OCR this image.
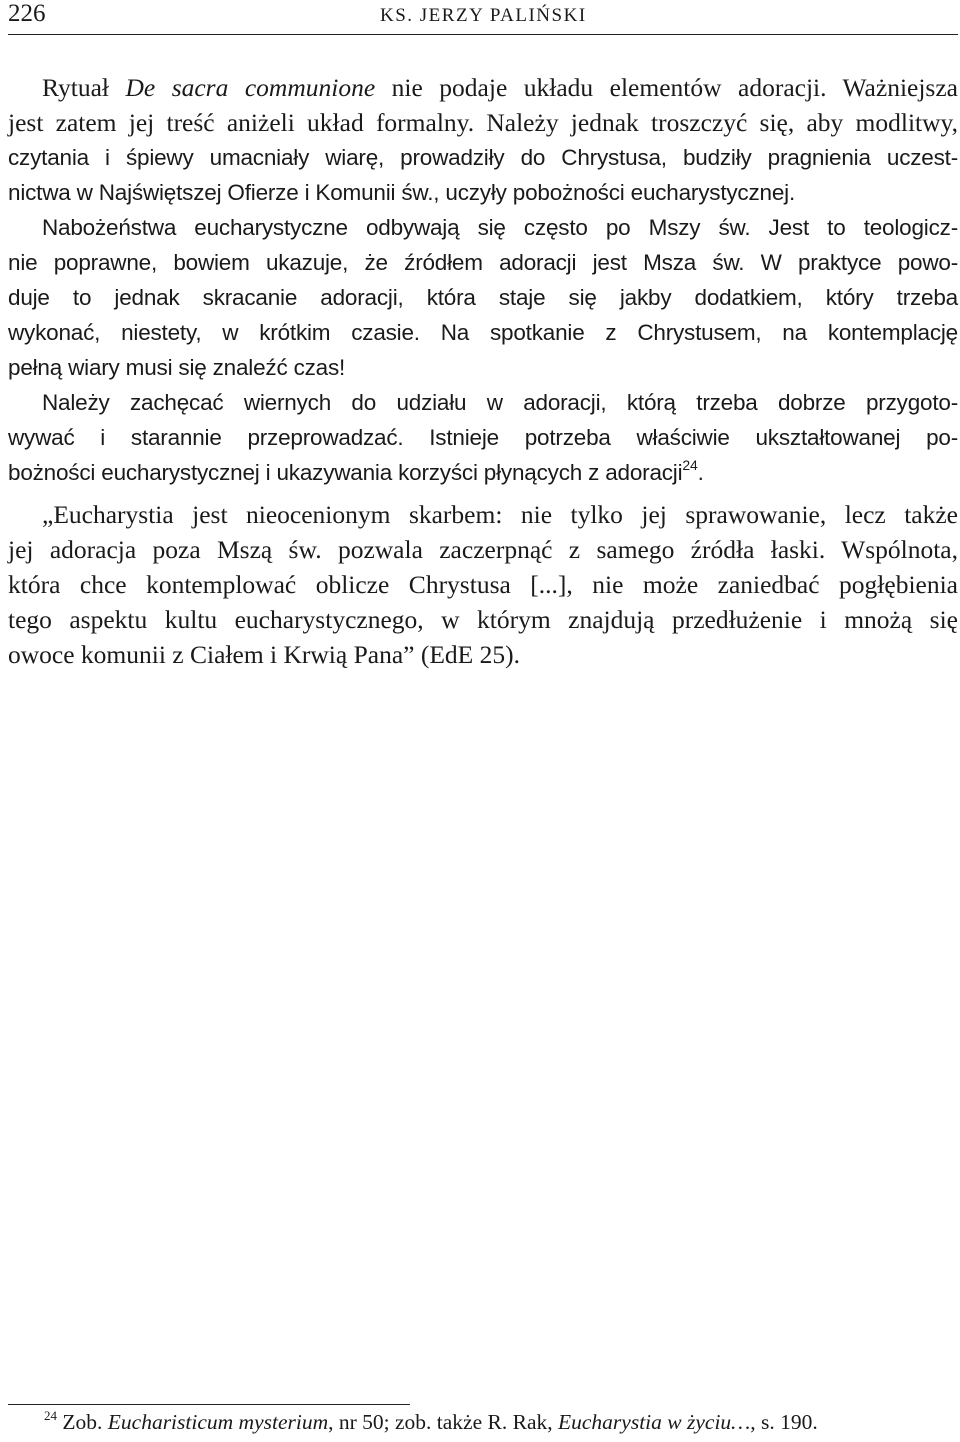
226	KS. JERZY PALIŃSKI
Rytuał De sacra communione nie podaje układu elementów adoracji. Ważniejsza
jest zatem jej treść aniżeli układ formalny. Należy jednak troszczyć się, aby modlitwy,
czytania i śpiewy umacniały wiarę, prowadziły do Chrystusa, budziły pragnienia uczest-
nictwa w Najświętszej Ofierze i Komunii św., uczyły pobożności eucharystycznej.
Nabożeństwa eucharystyczne odbywają się często po Mszy św. Jest to teologicz-
nie poprawne, bowiem ukazuje, że źródłem adoracji jest Msza św. W praktyce powo-
duje to jednak skracanie adoracji, która staje się jakby dodatkiem, który trzeba
wykonać, niestety, w krótkim czasie. Na spotkanie z Chrystusem, na kontemplację
pełną wiary musi się znaleźć czas!
Należy zachęcać wiernych do udziału w adoracji, którą trzeba dobrze przygoto-
wywać i starannie przeprowadzać. Istnieje potrzeba właściwie ukształtowanej po-
bożności eucharystycznej i ukazywania korzyści płynących z adoracji$^{24}$.
„Eucharystia jest nieocenionym skarbem: nie tylko jej sprawowanie, lecz także
jej adoracja poza Mszą św. pozwala zaczerpnąć z samego źródła łaski. Wspólnota,
która chce kontemplować oblicze Chrystusa [...], nie może zaniedbać pogłębienia
tego aspektu kultu eucharystycznego, w którym znajdują przedłużenie i mnożą się
owoce komunii z Ciałem i Krwią Pana” (EdE 25).
$^{24}$ Zob. Eucharisticum mysterium, nr 50; zob. także R. Rak, Eucharystia w życiu…, s. 190.
